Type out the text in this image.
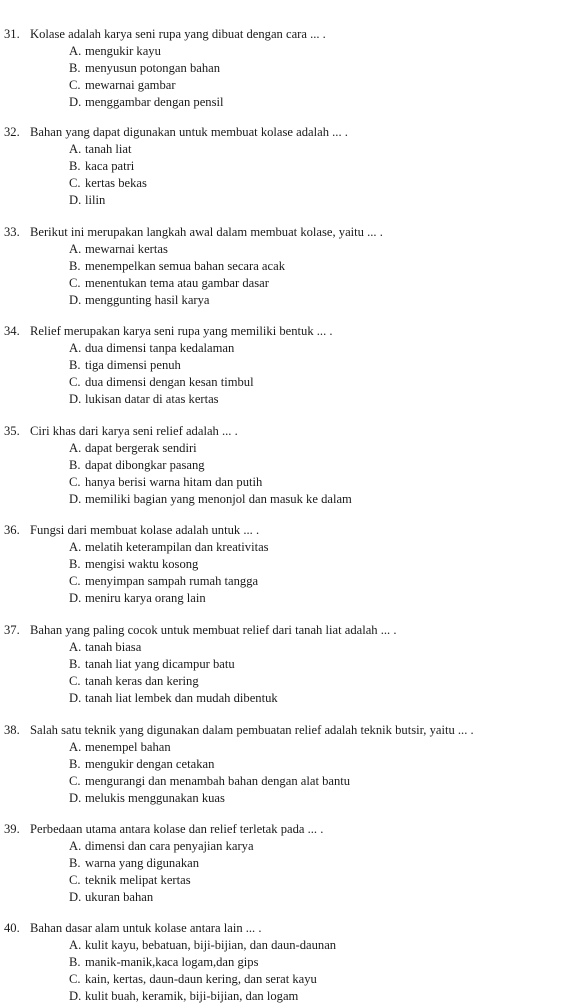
31. Kolase adalah karya seni rupa yang dibuat dengan cara ... .
A. mengukir kayu
B. menyusun potongan bahan
C. mewarnai gambar
D. menggambar dengan pensil
32. Bahan yang dapat digunakan untuk membuat kolase adalah ... .
A. tanah liat
B. kaca patri
C. kertas bekas
D. lilin
33. Berikut ini merupakan langkah awal dalam membuat kolase, yaitu ... .
A. mewarnai kertas
B. menempelkan semua bahan secara acak
C. menentukan tema atau gambar dasar
D. menggunting hasil karya
34. Relief merupakan karya seni rupa yang memiliki bentuk ... .
A. dua dimensi tanpa kedalaman
B. tiga dimensi penuh
C. dua dimensi dengan kesan timbul
D. lukisan datar di atas kertas
35. Ciri khas dari karya seni relief adalah ... .
A. dapat bergerak sendiri
B. dapat dibongkar pasang
C. hanya berisi warna hitam dan putih
D. memiliki bagian yang menonjol dan masuk ke dalam
36. Fungsi dari membuat kolase adalah untuk ... .
A. melatih keterampilan dan kreativitas
B. mengisi waktu kosong
C. menyimpan sampah rumah tangga
D. meniru karya orang lain
37. Bahan yang paling cocok untuk membuat relief dari tanah liat adalah ... .
A. tanah biasa
B. tanah liat yang dicampur batu
C. tanah keras dan kering
D. tanah liat lembek dan mudah dibentuk
38. Salah satu teknik yang digunakan dalam pembuatan relief adalah teknik butsir, yaitu ... .
A. menempel bahan
B. mengukir dengan cetakan
C. mengurangi dan menambah bahan dengan alat bantu
D. melukis menggunakan kuas
39. Perbedaan utama antara kolase dan relief terletak pada ... .
A. dimensi dan cara penyajian karya
B. warna yang digunakan
C. teknik melipat kertas
D. ukuran bahan
40. Bahan dasar alam untuk kolase antara lain ... .
A. kulit kayu, bebatuan, biji-bijian, dan daun-daunan
B. manik-manik,kaca logam,dan gips
C. kain, kertas, daun-daun kering, dan serat kayu
D. kulit buah, keramik, biji-bijian, dan logam
